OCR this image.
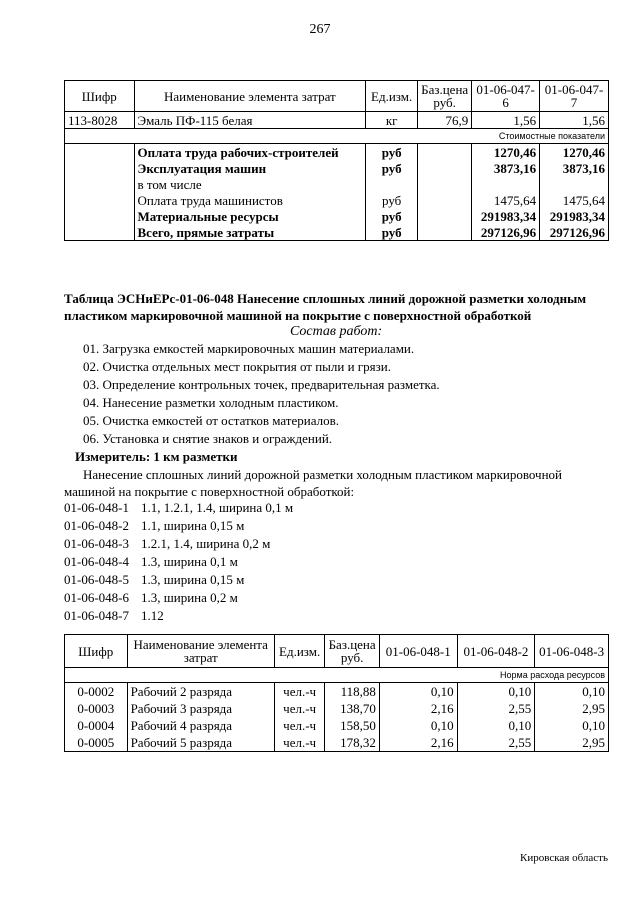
267
Шифр	Наименование элемента затрат	Ед.изм.	Баз.цена руб.	01-06-047-6	01-06-047-7
113-8028	Эмаль ПФ-115 белая	кг	76,9	1,56	1,56
Стоимостные показатели					
	Оплата труда рабочих-строителей	руб		1270,46	1270,46
	Эксплуатация машин	руб		3873,16	3873,16
	в том числе				
	Оплата труда машинистов	руб		1475,64	1475,64
	Материальные ресурсы	руб		291983,34	291983,34
	Всего, прямые затраты	руб		297126,96	297126,96
Таблица ЭСНиЕРс-01-06-048 Нанесение сплошных линий дорожной разметки холодным
пластиком маркировочной машиной на покрытие с поверхностной обработкой
Состав работ:
01. Загрузка емкостей маркировочных машин материалами.
02. Очистка отдельных мест покрытия от пыли и грязи.
03. Определение контрольных точек, предварительная разметка.
04. Нанесение разметки холодным пластиком.
05. Очистка емкостей от остатков материалов.
06. Установка и снятие знаков и ограждений.
Измеритель: 1 км разметки
Нанесение сплошных линий дорожной разметки холодным пластиком маркировочной
машиной на покрытие с поверхностной обработкой:
01-06-048-1 1.1, 1.2.1, 1.4, ширина 0,1 м
01-06-048-2 1.1, ширина 0,15 м
01-06-048-3 1.2.1, 1.4, ширина 0,2 м
01-06-048-4 1.3, ширина 0,1 м
01-06-048-5 1.3, ширина 0,15 м
01-06-048-6 1.3, ширина 0,2 м
01-06-048-7 1.12
Шифр	Наименование элемента затрат	Ед.изм.	Баз.цена руб.	01-06-048-1	01-06-048-2	01-06-048-3
Норма расхода ресурсов						
0-0002	Рабочий 2 разряда	чел.-ч	118,88	0,10	0,10	0,10
0-0003	Рабочий 3 разряда	чел.-ч	138,70	2,16	2,55	2,95
0-0004	Рабочий 4 разряда	чел.-ч	158,50	0,10	0,10	0,10
0-0005	Рабочий 5 разряда	чел.-ч	178,32	2,16	2,55	2,95
Кировская область
